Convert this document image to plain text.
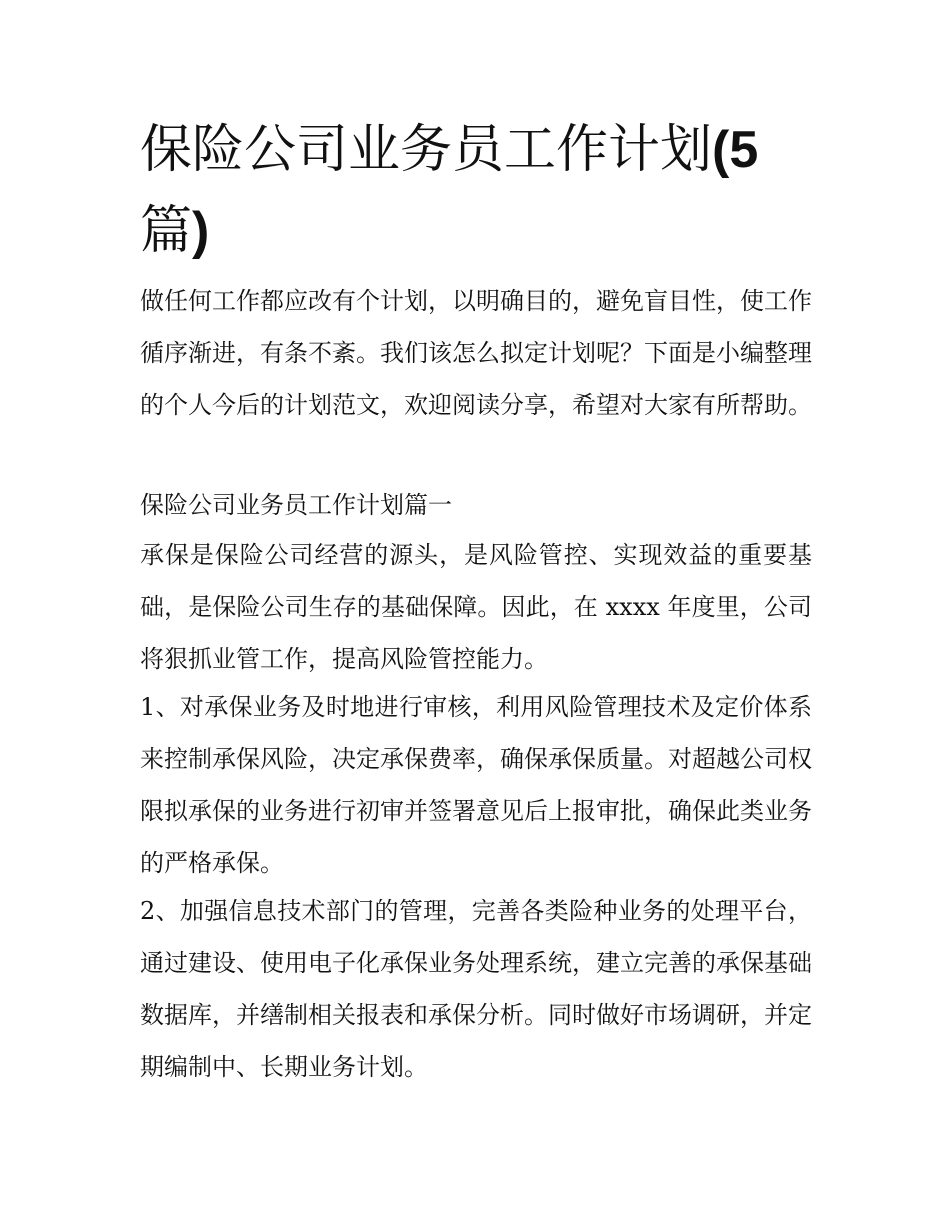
保险公司业务员工作计划(5
篇)

做任何工作都应改有个计划，以明确目的，避免盲目性，使工作循序渐进，有条不紊。我们该怎么拟定计划呢？下面是小编整理的个人今后的计划范文，欢迎阅读分享，希望对大家有所帮助。

保险公司业务员工作计划篇一

承保是保险公司经营的源头，是风险管控、实现效益的重要基础，是保险公司生存的基础保障。因此，在 xxxx 年度里，公司将狠抓业管工作，提高风险管控能力。

1、对承保业务及时地进行审核，利用风险管理技术及定价体系来控制承保风险，决定承保费率，确保承保质量。对超越公司权限拟承保的业务进行初审并签署意见后上报审批，确保此类业务的严格承保。

2、加强信息技术部门的管理，完善各类险种业务的处理平台，通过建设、使用电子化承保业务处理系统，建立完善的承保基础数据库，并缮制相关报表和承保分析。同时做好市场调研，并定期编制中、长期业务计划。
